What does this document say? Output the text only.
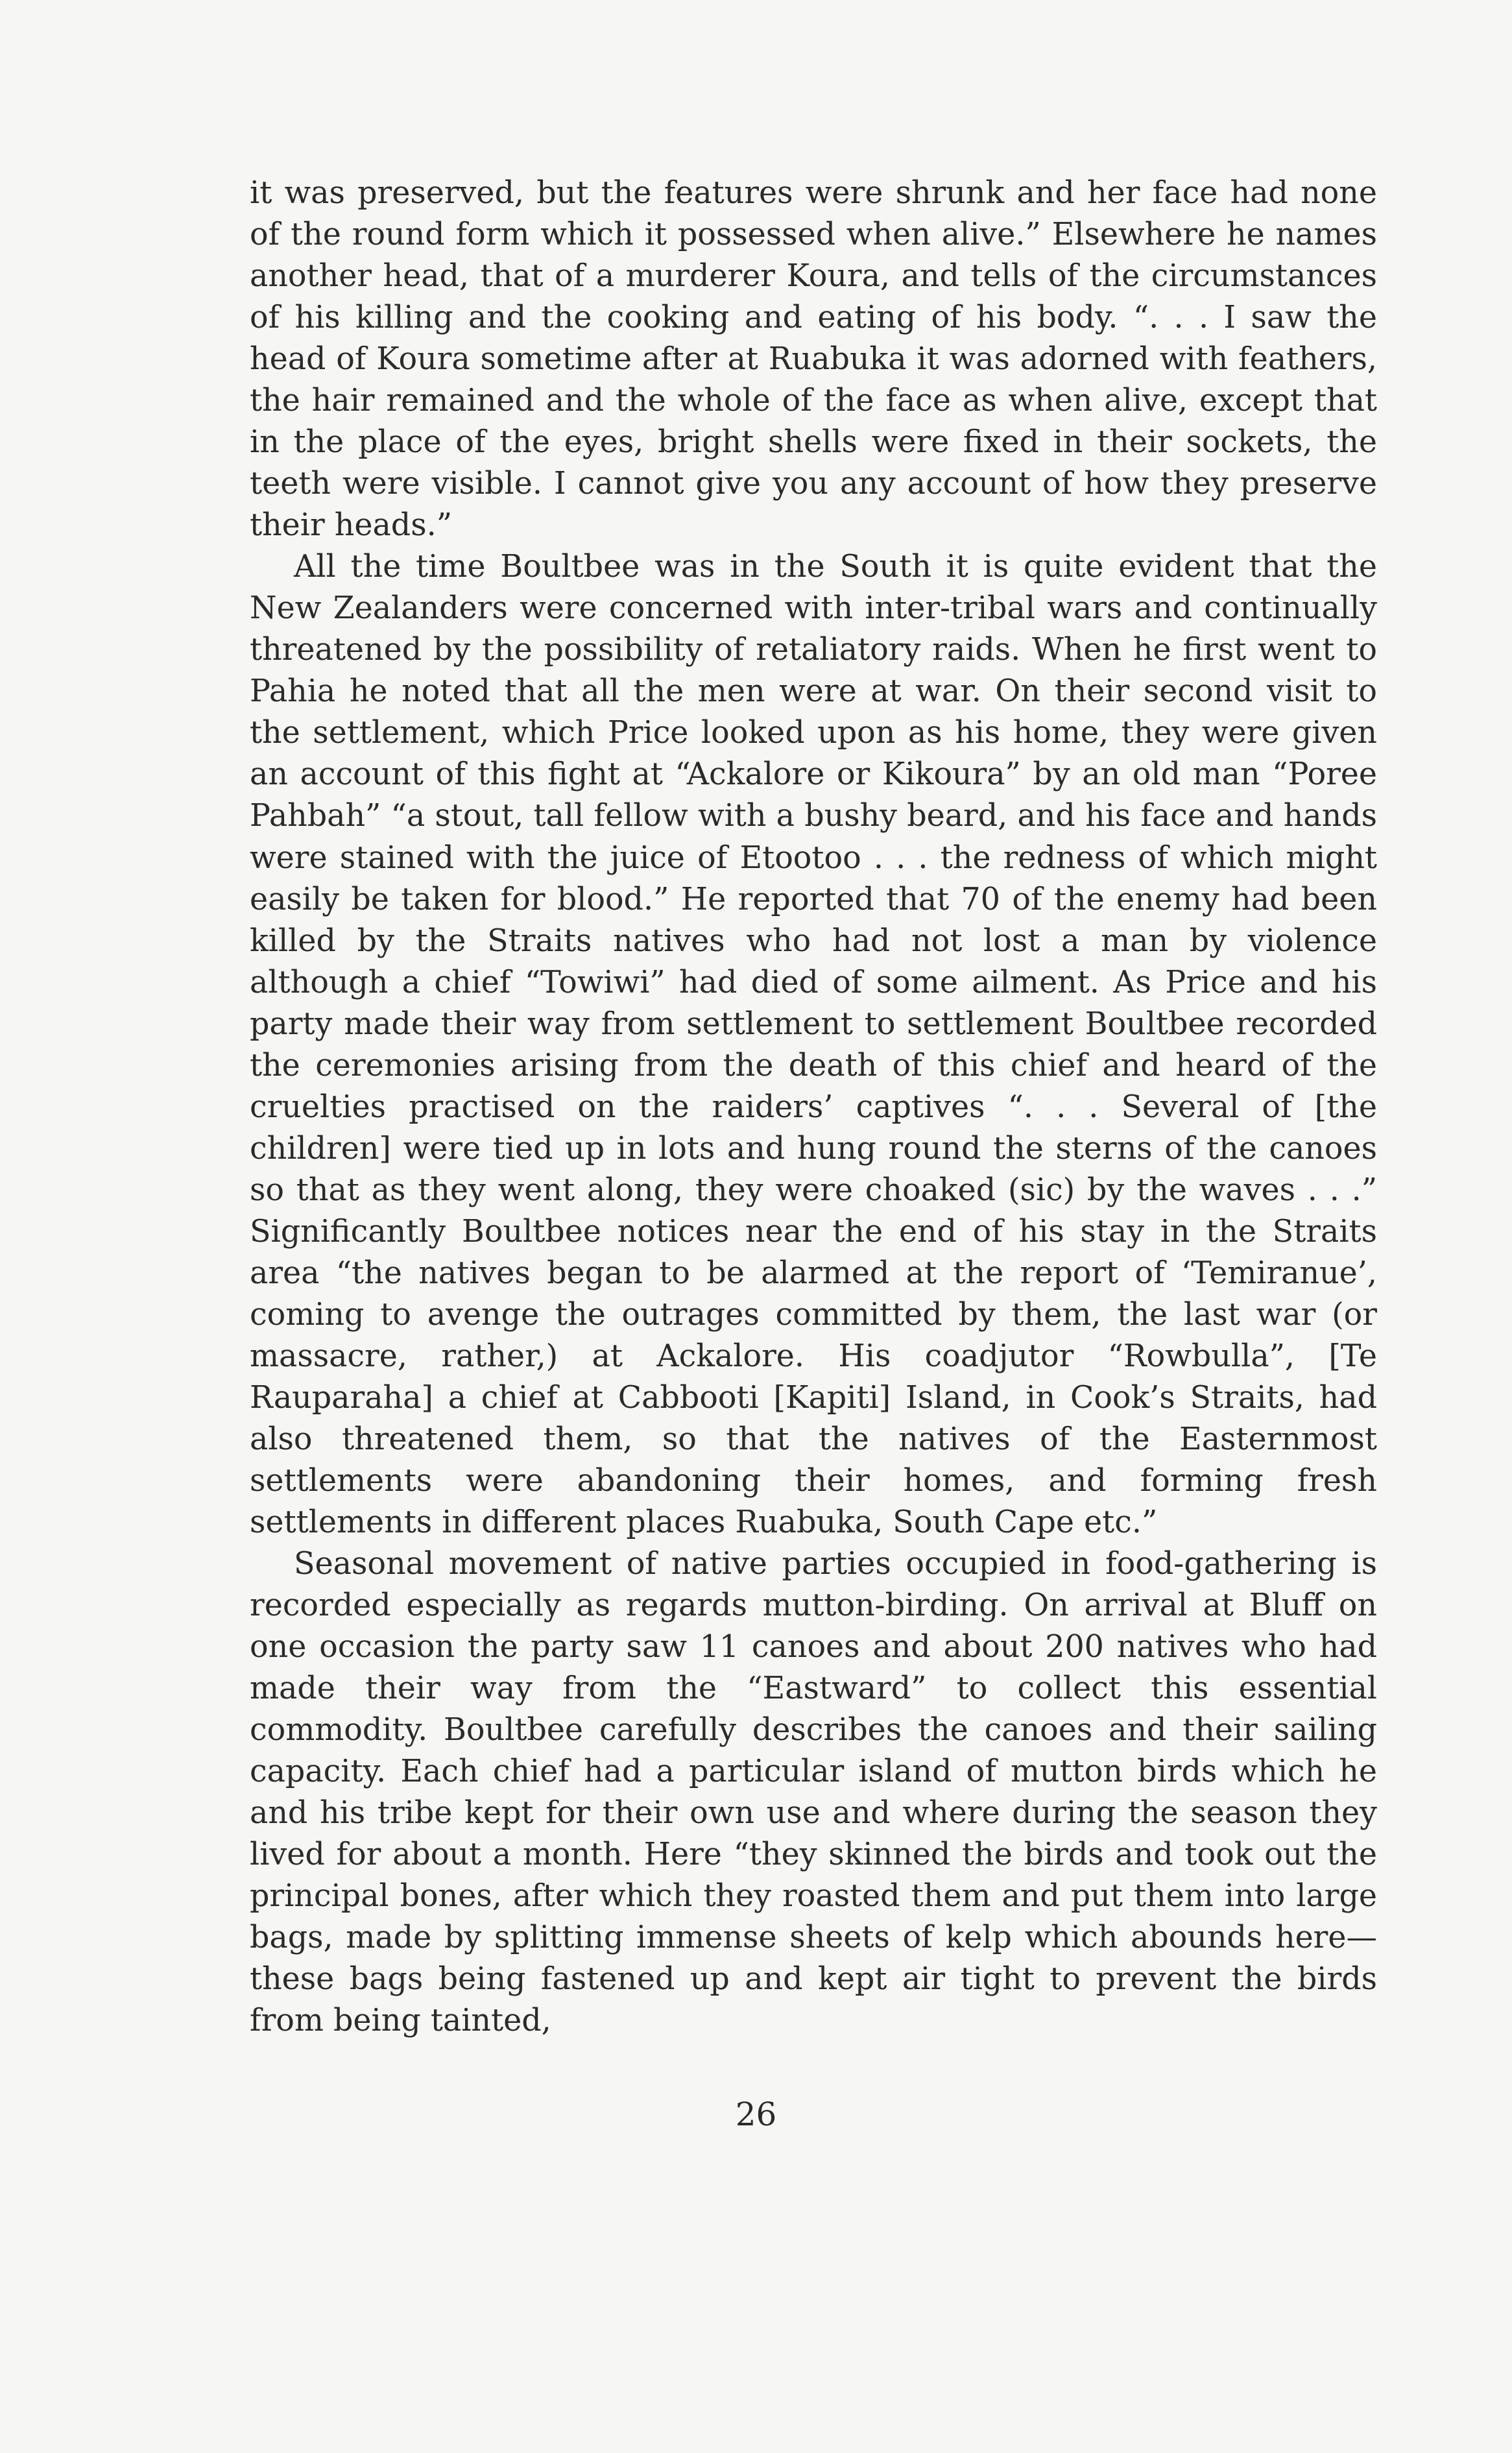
it was preserved, but the features were shrunk and her face had none of the round form which it possessed when alive.” Elsewhere he names another head, that of a murderer Koura, and tells of the circumstances of his killing and the cooking and eating of his body. “. . . I saw the head of Koura sometime after at Ruabuka it was adorned with feathers, the hair remained and the whole of the face as when alive, except that in the place of the eyes, bright shells were fixed in their sockets, the teeth were visible. I cannot give you any account of how they preserve their heads.”

All the time Boultbee was in the South it is quite evident that the New Zealanders were concerned with inter-tribal wars and continually threatened by the possibility of retaliatory raids. When he first went to Pahia he noted that all the men were at war. On their second visit to the settlement, which Price looked upon as his home, they were given an account of this fight at “Ackalore or Kikoura” by an old man “Poree Pahbah” “a stout, tall fellow with a bushy beard, and his face and hands were stained with the juice of Etootoo . . . the redness of which might easily be taken for blood.” He reported that 70 of the enemy had been killed by the Straits natives who had not lost a man by violence although a chief “Towiwi” had died of some ailment. As Price and his party made their way from settlement to settlement Boultbee recorded the ceremonies arising from the death of this chief and heard of the cruelties practised on the raiders’ captives “. . . Several of [the children] were tied up in lots and hung round the sterns of the canoes so that as they went along, they were choaked (sic) by the waves . . .” Significantly Boultbee notices near the end of his stay in the Straits area “the natives began to be alarmed at the report of ‘Temiranue’, coming to avenge the outrages committed by them, the last war (or massacre, rather,) at Ackalore. His coadjutor “Rowbulla”, [Te Rauparaha] a chief at Cabbooti [Kapiti] Island, in Cook’s Straits, had also threatened them, so that the natives of the Easternmost settlements were abandoning their homes, and forming fresh settlements in different places Ruabuka, South Cape etc.”

Seasonal movement of native parties occupied in food-gathering is recorded especially as regards mutton-birding. On arrival at Bluff on one occasion the party saw 11 canoes and about 200 natives who had made their way from the “Eastward” to collect this essential commodity. Boultbee carefully describes the canoes and their sailing capacity. Each chief had a particular island of mutton birds which he and his tribe kept for their own use and where during the season they lived for about a month. Here “they skinned the birds and took out the principal bones, after which they roasted them and put them into large bags, made by splitting immense sheets of kelp which abounds here—these bags being fastened up and kept air tight to prevent the birds from being tainted,

26
